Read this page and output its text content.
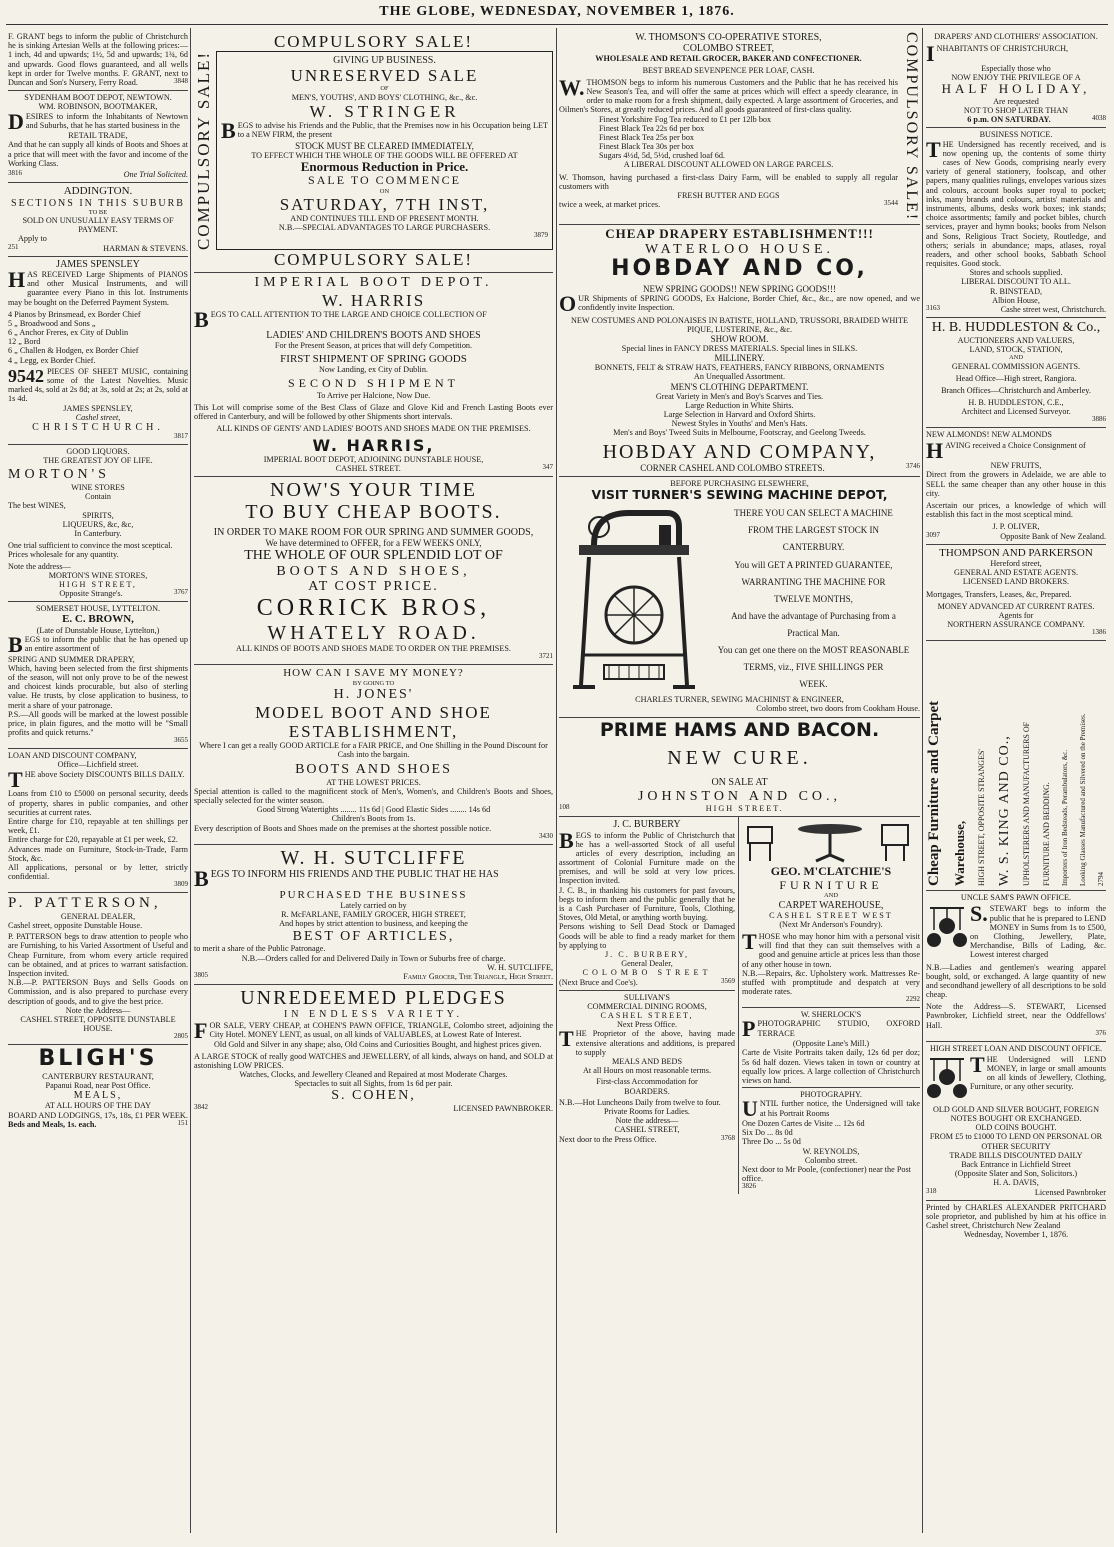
THE GLOBE, WEDNESDAY, NOVEMBER 1, 1876.
F. GRANT begs to inform the public of Christchurch he is sinking Artesian Wells at the following prices:—1 inch, 4d and upwards; 1½, 5d and upwards; 1¾, 6d and upwards. Good flows guaranteed, and all wells kept in order for Twelve months. F. GRANT, next to Duncan and Son's Nursery, Ferry Road.	3848
SYDENHAM BOOT DEPOT, NEWTOWN.
WM. ROBINSON, BOOTMAKER,
DESIRES to inform the Inhabitants of Newtown and Suburbs, that he has started business in the
RETAIL TRADE,
And that he can supply all kinds of Boots and Shoes at a price that will meet with the favor and income of the Working Class.
3816	One Trial Solicited.
ADDINGTON.
SECTIONS IN THIS SUBURB
TO BE
SOLD ON UNUSUALLY EASY TERMS OF PAYMENT.
Apply to
251	HARMAN & STEVENS.
JAMES SPENSLEY
HAS RECEIVED Large Shipments of PIANOS and other Musical Instruments, and will guarantee every Piano in this lot. Instruments may be bought on the Deferred Payment System.
4 Pianos by Brinsmead, ex Border Chief
5 „ Broadwood and Sons „
6 „ Anchor Freres, ex City of Dublin
12 „ Bord
6 „ Challen & Hodgen, ex Border Chief
4 „ Legg, ex Border Chief.
9542 PIECES OF SHEET MUSIC, containing some of the Latest Novelties. Music marked 4s, sold at 2s 8d; at 3s, sold at 2s; at 2s, sold at 1s 4d.
JAMES SPENSLEY,
Cashel street,
CHRISTCHURCH.
3817
GOOD LIQUORS.
THE GREATEST JOY OF LIFE.
MORTON'S
WINE STORES
Contain
The best WINES,
SPIRITS,
LIQUEURS, &c, &c,
In Canterbury.
One trial sufficient to convince the most sceptical.
Prices wholesale for any quantity.
Note the address—
MORTON'S WINE STORES,
HIGH STREET,
Opposite Strange's.	3767
SOMERSET HOUSE, LYTTELTON.
E. C. BROWN,
(Late of Dunstable House, Lyttelton,)
BEGS to inform the public that he has opened up an entire assortment of
SPRING AND SUMMER DRAPERY,
Which, having been selected from the first shipments of the season, will not only prove to be of the newest and choicest kinds procurable, but also of sterling value. He trusts, by close application to business, to merit a share of your patronage.
P.S.—All goods will be marked at the lowest possible price, in plain figures, and the motto will be "Small profits and quick returns."
3655
LOAN AND DISCOUNT COMPANY,
Office—Lichfield street.
THE above Society DISCOUNTS BILLS DAILY.
Loans from £10 to £5000 on personal security, deeds of property, shares in public companies, and other securities at current rates.
Entire charge for £10, repayable at ten shillings per week, £1.
Entire charge for £20, repayable at £1 per week, £2.
Advances made on Furniture, Stock-in-Trade, Farm Stock, &c.
All applications, personal or by letter, strictly confidential.
3809
P. PATTERSON,
GENERAL DEALER,
Cashel street, opposite Dunstable House.
P. PATTERSON begs to draw attention to people who are Furnishing, to his Varied Assortment of Useful and Cheap Furniture, from whom every article required can be obtained, and at prices to warrant satisfaction. Inspection invited.
N.B.—P. PATTERSON Buys and Sells Goods on Commission, and is also prepared to purchase every description of goods, and to give the best price.
Note the Address—
CASHEL STREET, OPPOSITE DUNSTABLE HOUSE.
2805
BLIGH'S
CANTERBURY RESTAURANT,
Papanui Road, near Post Office.
MEALS,
AT ALL HOURS OF THE DAY
BOARD AND LODGINGS, 17s, 18s, £1 PER WEEK.
Beds and Meals, 1s. each.	151
COMPULSORY SALE!
COMPULSORY SALE!	GIVING UP BUSINESS.
UNRESERVED SALE
OF
MEN'S, YOUTHS', AND BOYS' CLOTHING, &c., &c.
W. STRINGER
BEGS to advise his Friends and the Public, that the Premises now in his Occupation being LET to a NEW FIRM, the present
STOCK MUST BE CLEARED IMMEDIATELY,
TO EFFECT WHICH THE WHOLE OF THE GOODS WILL BE OFFERED AT
Enormous Reduction in Price.
SALE TO COMMENCE
ON
SATURDAY, 7TH INST,
AND CONTINUES TILL END OF PRESENT MONTH.
N.B.—SPECIAL ADVANTAGES TO LARGE PURCHASERS.
3879
COMPULSORY SALE!
IMPERIAL BOOT DEPOT.
W. HARRIS
BEGS TO CALL ATTENTION TO THE LARGE AND CHOICE COLLECTION OF
LADIES' AND CHILDREN'S BOOTS AND SHOES
For the Present Season, at prices that will defy Competition.
FIRST SHIPMENT OF SPRING GOODS
Now Landing, ex City of Dublin.
SECOND SHIPMENT
To Arrive per Halcione, Now Due.
This Lot will comprise some of the Best Class of Glaze and Glove Kid and French Lasting Boots ever offered in Canterbury, and will be followed by other Shipments short intervals.
ALL KINDS OF GENTS' AND LADIES' BOOTS AND SHOES MADE ON THE PREMISES.
W. HARRIS,
IMPERIAL BOOT DEPOT, ADJOINING DUNSTABLE HOUSE,
CASHEL STREET.	347
NOW'S YOUR TIME
TO BUY CHEAP BOOTS.
IN ORDER TO MAKE ROOM FOR OUR SPRING AND SUMMER GOODS,
We have determined to OFFER, for a FEW WEEKS ONLY,
THE WHOLE OF OUR SPLENDID LOT OF
BOOTS AND SHOES,
AT COST PRICE.
CORRICK BROS,
WHATELY ROAD.
ALL KINDS OF BOOTS AND SHOES MADE TO ORDER ON THE PREMISES.
3721
HOW CAN I SAVE MY MONEY?
BY GOING TO
H. JONES'
MODEL BOOT AND SHOE
ESTABLISHMENT,
Where I can get a really GOOD ARTICLE for a FAIR PRICE, and One Shilling in the Pound Discount for Cash into the bargain.
BOOTS AND SHOES
AT THE LOWEST PRICES.
Special attention is called to the magnificent stock of Men's, Women's, and Children's Boots and Shoes, specially selected for the winter season.
Good Strong Watertights ........ 11s 6d | Good Elastic Sides ........ 14s 6d
Children's Boots from 1s.
Every description of Boots and Shoes made on the premises at the shortest possible notice.
3430
W. H. SUTCLIFFE
BEGS TO INFORM HIS FRIENDS AND THE PUBLIC THAT HE HAS
PURCHASED THE BUSINESS
Lately carried on by
R. McFARLANE, FAMILY GROCER, HIGH STREET,
And hopes by strict attention to business, and keeping the
BEST OF ARTICLES,
to merit a share of the Public Patronage.
N.B.—Orders called for and Delivered Daily in Town or Suburbs free of charge.
W. H. SUTCLIFFE,
3805	Family Grocer, The Triangle, High Street.
UNREDEEMED PLEDGES
IN ENDLESS VARIETY.
FOR SALE, VERY CHEAP, at COHEN'S PAWN OFFICE, TRIANGLE, Colombo street, adjoining the City Hotel. MONEY LENT, as usual, on all kinds of VALUABLES, at Lowest Rate of Interest.
Old Gold and Silver in any shape; also, Old Coins and Curiosities Bought, and highest prices given.
A LARGE STOCK of really good WATCHES and JEWELLERY, of all kinds, always on hand, and SOLD at astonishing LOW PRICES.
Watches, Clocks, and Jewellery Cleaned and Repaired at most Moderate Charges.
Spectacles to suit all Sights, from 1s 6d per pair.
S. COHEN,
3842	LICENSED PAWNBROKER.
W. THOMSON'S CO-OPERATIVE STORES,
COLOMBO STREET,
WHOLESALE AND RETAIL GROCER, BAKER AND CONFECTIONER.
BEST BREAD SEVENPENCE PER LOAF, CASH.
W. THOMSON begs to inform his numerous Customers and the Public that he has received his New Season's Tea, and will offer the same at prices which will effect a speedy clearance, in order to make room for a fresh shipment, daily expected. A large assortment of Groceries, and Oilmen's Stores, at greatly reduced prices. And all goods guaranteed of first-class quality.
Finest Yorkshire Fog Tea reduced to £1 per 12lb box
Finest Black Tea 22s 6d per box
Finest Black Tea 25s per box
Finest Black Tea 30s per box
Sugars 4½d, 5d, 5½d, crushed loaf 6d.
A LIBERAL DISCOUNT ALLOWED ON LARGE PARCELS.
W. Thomson, having purchased a first-class Dairy Farm, will be enabled to supply all regular customers with
FRESH BUTTER AND EGGS
twice a week, at market prices.	3544 COMPULSORY SALE!
CHEAP DRAPERY ESTABLISHMENT!!!
WATERLOO HOUSE.
HOBDAY AND CO,
NEW SPRING GOODS!! NEW SPRING GOODS!!!
OUR Shipments of SPRING GOODS, Ex Halcione, Border Chief, &c., &c., are now opened, and we confidently invite Inspection.
NEW COSTUMES AND POLONAISES IN BATISTE, HOLLAND, TRUSSORI, BRAIDED WHITE PIQUE, LUSTERINE, &c., &c.
SHOW ROOM.
Special lines in FANCY DRESS MATERIALS. Special lines in SILKS.
MILLINERY.
BONNETS, FELT & STRAW HATS, FEATHERS, FANCY RIBBONS, ORNAMENTS
An Unequalled Assortment.
MEN'S CLOTHING DEPARTMENT.
Great Variety in Men's and Boy's Scarves and Ties.
Large Reduction in White Shirts.
Large Selection in Harvard and Oxford Shirts.
Newest Styles in Youths' and Men's Hats.
Men's and Boys' Tweed Suits in Melbourne, Footscray, and Geelong Tweeds.
HOBDAY AND COMPANY,
CORNER CASHEL AND COLOMBO STREETS.	3746
BEFORE PURCHASING ELSEWHERE,
VISIT TURNER'S SEWING MACHINE DEPOT,
THERE YOU CAN SELECT A MACHINE
FROM THE LARGEST STOCK IN
CANTERBURY.
You will GET A PRINTED GUARANTEE,
WARRANTING THE MACHINE FOR
TWELVE MONTHS,
And have the advantage of Purchasing from a
Practical Man.
You can get one there on the MOST REASONABLE
TERMS, viz., FIVE SHILLINGS PER
WEEK.
CHARLES TURNER, SEWING MACHINIST & ENGINEER,
Colombo street, two doors from Cookham House.
PRIME HAMS AND BACON.
NEW CURE.
ON SALE AT
JOHNSTON AND CO.,
108	HIGH STREET.
J. C. BURBERY
BEGS to inform the Public of Christchurch that he has a well-assorted Stock of all useful articles of every description, including an assortment of Colonial Furniture made on the premises, and will be sold at very low prices. Inspection invited.
J. C. B., in thanking his customers for past favours, begs to inform them and the public generally that he is a Cash Purchaser of Furniture, Tools, Clothing, Stoves, Old Metal, or anything worth buying.
Persons wishing to Sell Dead Stock or Damaged Goods will be able to find a ready market for them by applying to
J. C. BURBERY,
General Dealer,
COLOMBO STREET
(Next Bruce and Coe's).	3569
SULLIVAN'S
COMMERCIAL DINING ROOMS,
CASHEL STREET,
Next Press Office.
THE Proprietor of the above, having made extensive alterations and additions, is prepared to supply
MEALS AND BEDS
At all Hours on most reasonable terms.
First-class Accommodation for
BOARDERS.
N.B.—Hot Luncheons Daily from twelve to four.
Private Rooms for Ladies.
Note the address—
CASHEL STREET,
Next door to the Press Office.	3768
GEO. M'CLATCHIE'S
FURNITURE
AND
CARPET WAREHOUSE,
CASHEL STREET WEST
(Next Mr Anderson's Foundry).
THOSE who may honor him with a personal visit will find that they can suit themselves with a good and genuine article at prices less than those of any other house in town.
N.B.—Repairs, &c. Upholstery work. Mattresses Re-stuffed with promptitude and despatch at very moderate rates.
2292
W. SHERLOCK'S
PPHOTOGRAPHIC STUDIO, OXFORD TERRACE
(Opposite Lane's Mill.)
Carte de Visite Portraits taken daily, 12s 6d per doz; 5s 6d half dozen. Views taken in town or country at equally low prices. A large collection of Christchurch views on hand.
PHOTOGRAPHY.
UNTIL further notice, the Undersigned will take at his Portrait Rooms
One Dozen Cartes de Visite ... 12s 6d
Six Do ... 8s 0d
Three Do ... 5s 0d
W. REYNOLDS,
Colombo street.
Next door to Mr Poole, (confectioner) near the Post office.
3826
DRAPERS' AND CLOTHIERS' ASSOCIATION.
INHABITANTS OF CHRISTCHURCH,
Especially those who
NOW ENJOY THE PRIVILEGE OF A
HALF HOLIDAY,
Are requested
NOT TO SHOP LATER THAN
6 p.m. ON SATURDAY.	4038
BUSINESS NOTICE.
THE Undersigned has recently received, and is now opening up, the contents of some thirty cases of New Goods, comprising nearly every variety of general stationery, foolscap, and other papers, many qualities rulings, envelopes various sizes and colours, account books super royal to pocket; inks, many brands and colours, artists' materials and instruments, albums, desks work boxes; ink stands; choice assortments; family and pocket bibles, church services, prayer and hymn books; books from Nelson and Sons, Religious Tract Society, Routledge, and others; serials in abundance; maps, atlases, royal readers, and other school books, Sabbath School requisites. Good stock.
Stores and schools supplied.
LIBERAL DISCOUNT TO ALL.
R. BINSTEAD,
Albion House,
3163	Cashe street west, Christchurch.
H. B. HUDDLESTON & Co.,
AUCTIONEERS AND VALUERS,
LAND, STOCK, STATION,
AND
GENERAL COMMISSION AGENTS.
Head Office—High street, Rangiora.
Branch Offices—Christchurch and Amberley.
H. B. HUDDLESTON, C.E.,
Architect and Licensed Surveyor.
3886
NEW ALMONDS! NEW ALMONDS
HAVING received a Choice Consignment of
NEW FRUITS,
Direct from the growers in Adelaide, we are able to SELL the same cheaper than any other house in this city.
Ascertain our prices, a knowledge of which will establish this fact in the most sceptical mind.
J. P. OLIVER,
3097	Opposite Bank of New Zealand.
THOMPSON AND PARKERSON
Hereford street,
GENERAL AND ESTATE AGENTS.
LICENSED LAND BROKERS.
Mortgages, Transfers, Leases, &c, Prepared.
MONEY ADVANCED AT CURRENT RATES.
Agents for
NORTHERN ASSURANCE COMPANY.
1386
Cheap Furniture and Carpet Warehouse, HIGH STREET, OPPOSITE STRANGES' W. S. KING AND CO., UPHOLSTERERS AND MANUFACTURERS OF FURNITURE AND BEDDING. Importers of Iron Bedsteads, Perambulators, &c. Looking Glasses Manufactured and Silvered on the Premises. 2794
UNCLE SAM'S PAWN OFFICE.
S. STEWART begs to inform the public that he is prepared to LEND MONEY in Sums from 1s to £500, on Clothing, Jewellery, Plate, Merchandise, Bills of Lading, &c. Lowest interest charged
N.B.—Ladies and gentlemen's wearing apparel bought, sold, or exchanged. A large quantity of new and secondhand jewellery of all descriptions to be sold cheap.
Note the Address—S. STEWART, Licensed Pawnbroker, Lichfield street, near the Oddfellows' Hall.
376
HIGH STREET LOAN AND DISCOUNT OFFICE.
THE Undersigned will LEND MONEY, in large or small amounts on all kinds of Jewellery, Clothing, Furniture, or any other security.
OLD GOLD AND SILVER BOUGHT, FOREIGN NOTES BOUGHT OR EXCHANGED.
OLD COINS BOUGHT.
FROM £5 to £1000 TO LEND ON PERSONAL OR OTHER SECURITY
TRADE BILLS DISCOUNTED DAILY
Back Entrance in Lichfield Street
(Opposite Slater and Son, Solicitors.)
H. A. DAVIS,
318	Licensed Pawnbroker
Printed by CHARLES ALEXANDER PRITCHARD sole proprietor, and published by him at his office in Cashel street, Christchurch New Zealand
Wednesday, November 1, 1876.
